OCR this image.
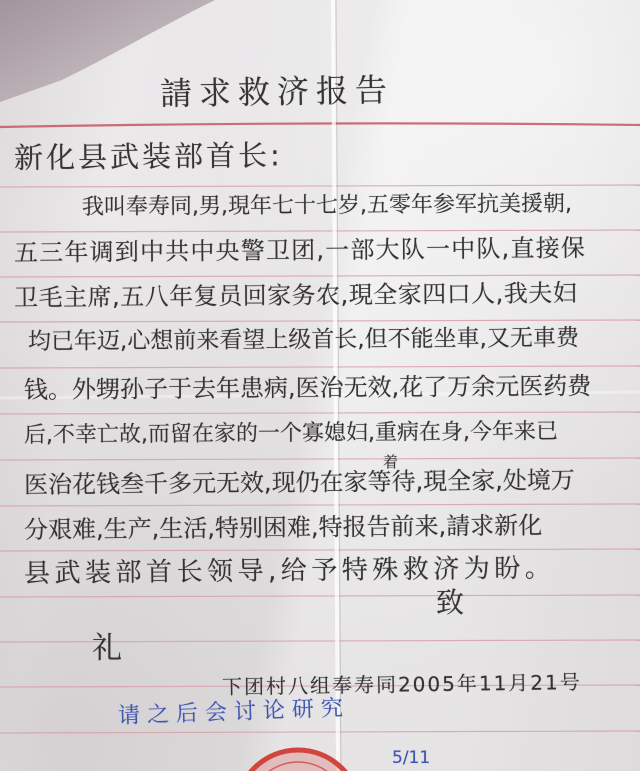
請求救济报告
新化县武装部首长:
我叫奉寿同,男,現年七十七岁,五零年参军抗美援朝,
五三年调到中共中央警卫团,一部大队一中队,直接保
卫毛主席,五八年复员回家务农,現全家四口人,我夫妇
均已年迈,心想前来看望上级首长,但不能坐車,又无車费
钱。外甥孙子于去年患病,医治无效,花了万余元医药费
后,不幸亡故,而留在家的一个寡媳妇,重病在身,今年来已
着
医治花钱叁千多元无效,现仍在家等待,現全家,处境万
分艰难,生产,生活,特别困难,特报告前来,請求新化
县武装部首长领导,给予特殊救济为盼。
致
礼
下团村八组奉寿同2005年11月21号
请之后会讨论研究
5/11
